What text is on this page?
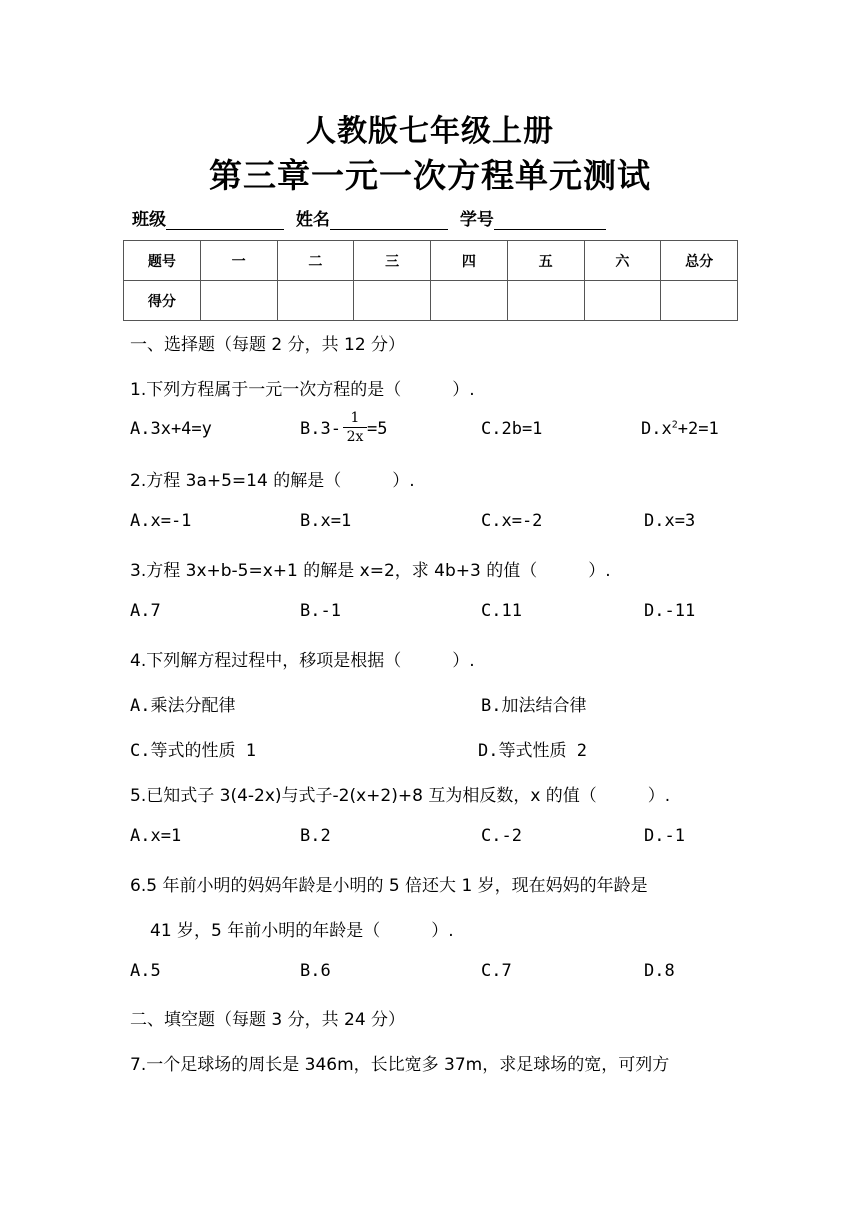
人教版七年级上册
第三章一元一次方程单元测试
班级	姓名	学号
题号	一	二	三	四	五	六	总分
得分							
一、选择题（每题 2 分，共 12 分）
1.下列方程属于一元一次方程的是（　　　）.
A.3x+4=y	B.3- =5
$\frac{1}{2x}$	C.2b=1	$D.x^2+2=1$
2.方程 3a+5=14 的解是（　　　）.
A.x=-1	B.x=1	C.x=-2	D.x=3
3.方程 3x+b-5=x+1 的解是 x=2，求 4b+3 的值（　　　）.
A.7	B.-1	C.11	D.-11
4.下列解方程过程中，移项是根据（　　　）.
A.乘法分配律	B.加法结合律
C.等式的性质 1	D.等式性质 2
5.已知式子 3(4-2x)与式子-2(x+2)+8 互为相反数，x 的值（　　　）.
A.x=1	B.2	C.-2	D.-1
6.5 年前小明的妈妈年龄是小明的 5 倍还大 1 岁，现在妈妈的年龄是
41 岁，5 年前小明的年龄是（　　　）.
A.5	B.6	C.7	D.8
二、填空题（每题 3 分，共 24 分）
7.一个足球场的周长是 346m，长比宽多 37m，求足球场的宽，可列方
